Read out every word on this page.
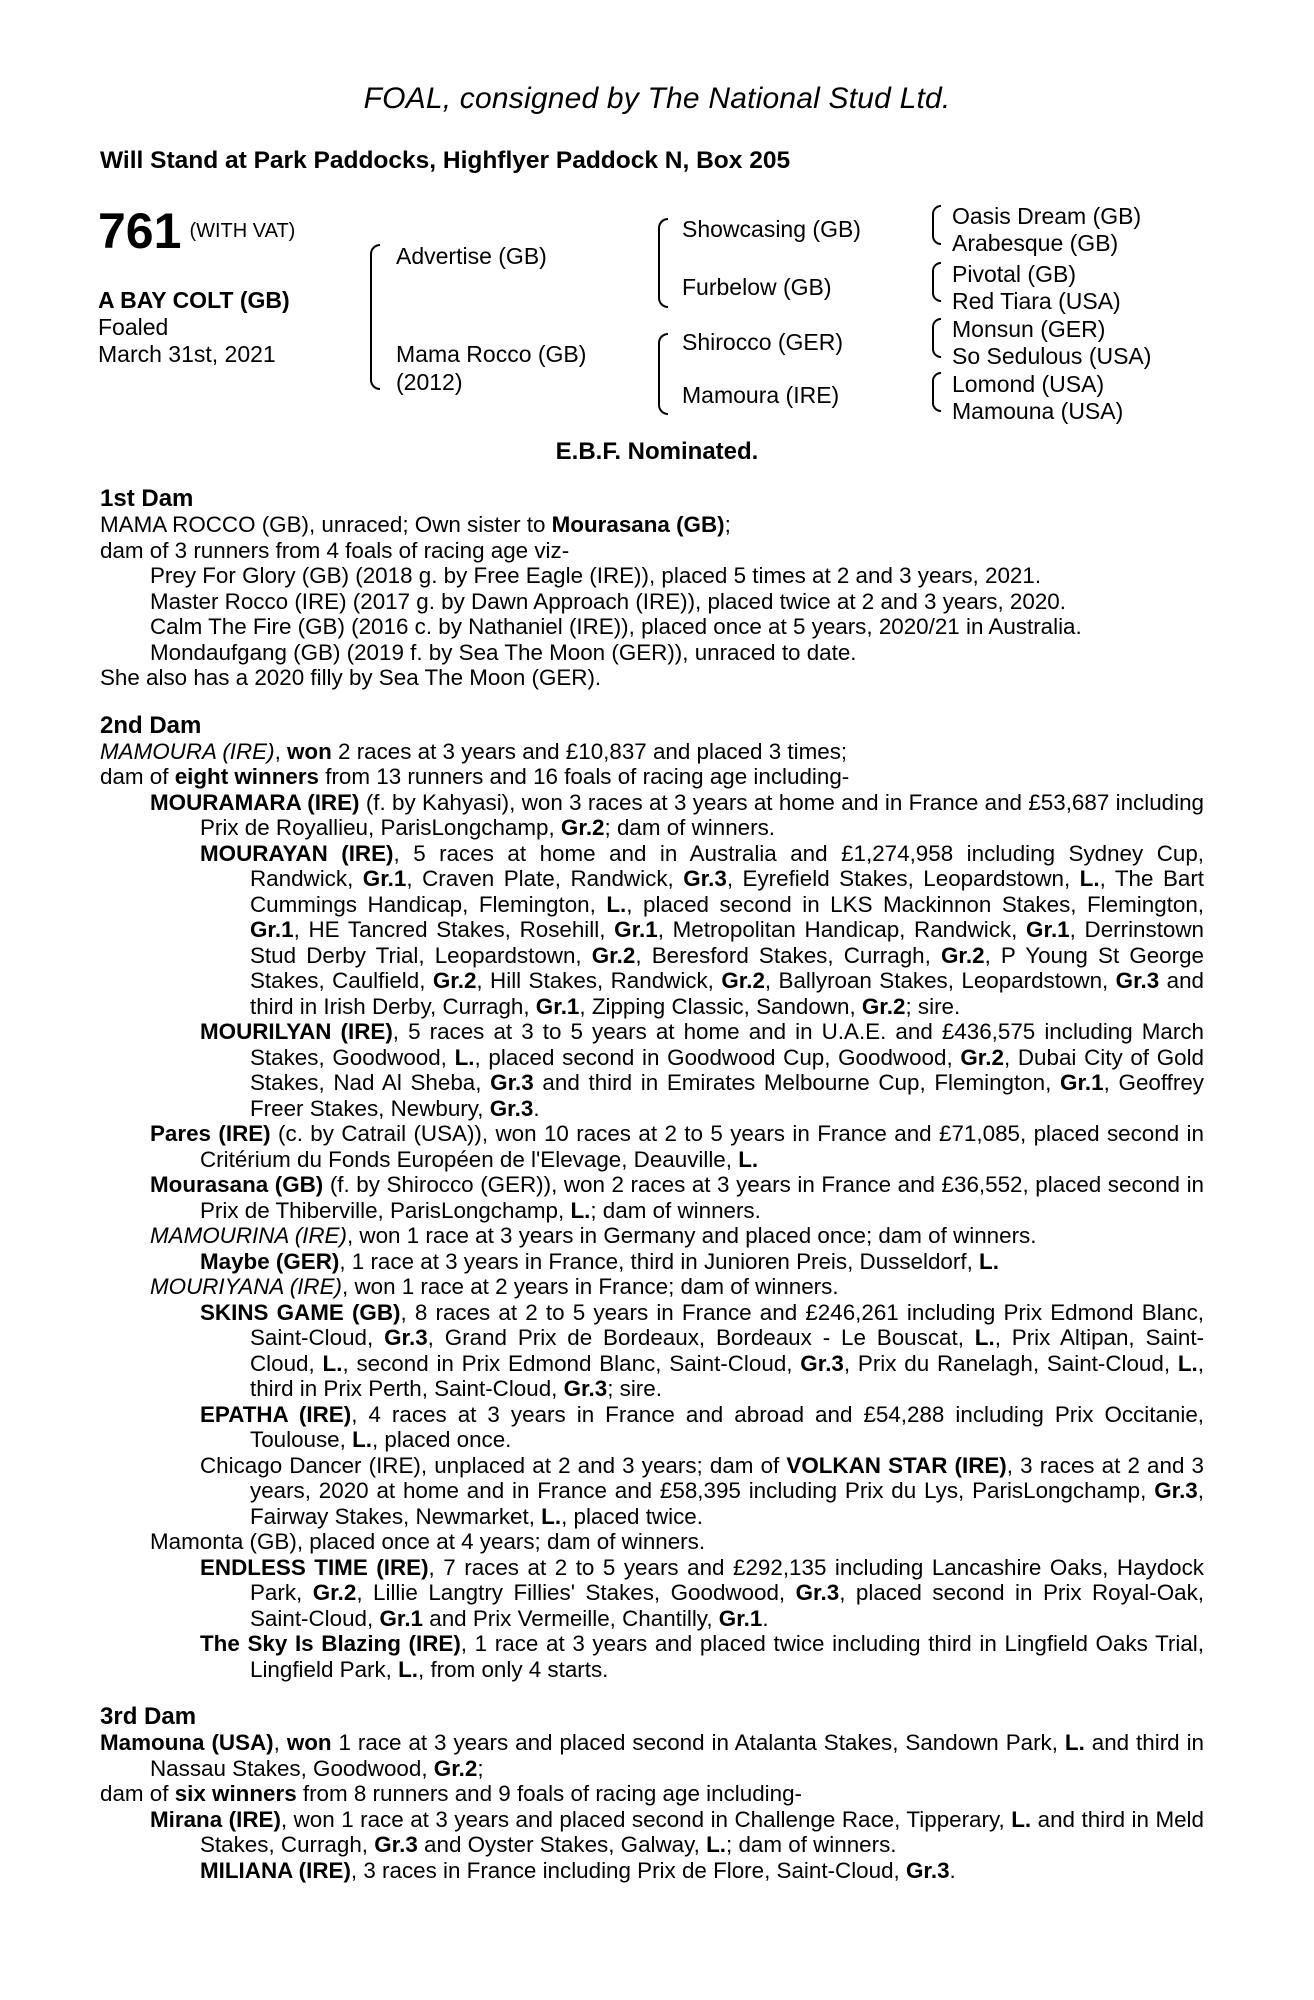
FOAL, consigned by The National Stud Ltd.
Will Stand at Park Paddocks, Highflyer Paddock N, Box 205
761 (WITH VAT)
A BAY COLT (GB)
Foaled
March 31st, 2021
Advertise (GB)
Mama Rocco (GB)
(2012)
Showcasing (GB)
Furbelow (GB)
Shirocco (GER)
Mamoura (IRE)
Oasis Dream (GB)
Arabesque (GB)
Pivotal (GB)
Red Tiara (USA)
Monsun (GER)
So Sedulous (USA)
Lomond (USA)
Mamouna (USA)
E.B.F. Nominated.
1st Dam
MAMA ROCCO (GB), unraced; Own sister to Mourasana (GB);
dam of 3 runners from 4 foals of racing age viz-
Prey For Glory (GB) (2018 g. by Free Eagle (IRE)), placed 5 times at 2 and 3 years, 2021.
Master Rocco (IRE) (2017 g. by Dawn Approach (IRE)), placed twice at 2 and 3 years, 2020.
Calm The Fire (GB) (2016 c. by Nathaniel (IRE)), placed once at 5 years, 2020/21 in Australia.
Mondaufgang (GB) (2019 f. by Sea The Moon (GER)), unraced to date.
She also has a 2020 filly by Sea The Moon (GER).
2nd Dam
MAMOURA (IRE), won 2 races at 3 years and £10,837 and placed 3 times;
dam of eight winners from 13 runners and 16 foals of racing age including-
MOURAMARA (IRE) (f. by Kahyasi), won 3 races at 3 years at home and in France and £53,687 including Prix de Royallieu, ParisLongchamp, Gr.2; dam of winners.
MOURAYAN (IRE), 5 races at home and in Australia and £1,274,958 including Sydney Cup, Randwick, Gr.1, Craven Plate, Randwick, Gr.3, Eyrefield Stakes, Leopardstown, L., The Bart Cummings Handicap, Flemington, L., placed second in LKS Mackinnon Stakes, Flemington, Gr.1, HE Tancred Stakes, Rosehill, Gr.1, Metropolitan Handicap, Randwick, Gr.1, Derrinstown Stud Derby Trial, Leopardstown, Gr.2, Beresford Stakes, Curragh, Gr.2, P Young St George Stakes, Caulfield, Gr.2, Hill Stakes, Randwick, Gr.2, Ballyroan Stakes, Leopardstown, Gr.3 and third in Irish Derby, Curragh, Gr.1, Zipping Classic, Sandown, Gr.2; sire.
MOURILYAN (IRE), 5 races at 3 to 5 years at home and in U.A.E. and £436,575 including March Stakes, Goodwood, L., placed second in Goodwood Cup, Goodwood, Gr.2, Dubai City of Gold Stakes, Nad Al Sheba, Gr.3 and third in Emirates Melbourne Cup, Flemington, Gr.1, Geoffrey Freer Stakes, Newbury, Gr.3.
Pares (IRE) (c. by Catrail (USA)), won 10 races at 2 to 5 years in France and £71,085, placed second in Critérium du Fonds Européen de l'Elevage, Deauville, L.
Mourasana (GB) (f. by Shirocco (GER)), won 2 races at 3 years in France and £36,552, placed second in Prix de Thiberville, ParisLongchamp, L.; dam of winners.
MAMOURINA (IRE), won 1 race at 3 years in Germany and placed once; dam of winners.
Maybe (GER), 1 race at 3 years in France, third in Junioren Preis, Dusseldorf, L.
MOURIYANA (IRE), won 1 race at 2 years in France; dam of winners.
SKINS GAME (GB), 8 races at 2 to 5 years in France and £246,261 including Prix Edmond Blanc, Saint-Cloud, Gr.3, Grand Prix de Bordeaux, Bordeaux - Le Bouscat, L., Prix Altipan, Saint-Cloud, L., second in Prix Edmond Blanc, Saint-Cloud, Gr.3, Prix du Ranelagh, Saint-Cloud, L., third in Prix Perth, Saint-Cloud, Gr.3; sire.
EPATHA (IRE), 4 races at 3 years in France and abroad and £54,288 including Prix Occitanie, Toulouse, L., placed once.
Chicago Dancer (IRE), unplaced at 2 and 3 years; dam of VOLKAN STAR (IRE), 3 races at 2 and 3 years, 2020 at home and in France and £58,395 including Prix du Lys, ParisLongchamp, Gr.3, Fairway Stakes, Newmarket, L., placed twice.
Mamonta (GB), placed once at 4 years; dam of winners.
ENDLESS TIME (IRE), 7 races at 2 to 5 years and £292,135 including Lancashire Oaks, Haydock Park, Gr.2, Lillie Langtry Fillies' Stakes, Goodwood, Gr.3, placed second in Prix Royal-Oak, Saint-Cloud, Gr.1 and Prix Vermeille, Chantilly, Gr.1.
The Sky Is Blazing (IRE), 1 race at 3 years and placed twice including third in Lingfield Oaks Trial, Lingfield Park, L., from only 4 starts.
3rd Dam
Mamouna (USA), won 1 race at 3 years and placed second in Atalanta Stakes, Sandown Park, L. and third in Nassau Stakes, Goodwood, Gr.2;
dam of six winners from 8 runners and 9 foals of racing age including-
Mirana (IRE), won 1 race at 3 years and placed second in Challenge Race, Tipperary, L. and third in Meld Stakes, Curragh, Gr.3 and Oyster Stakes, Galway, L.; dam of winners.
MILIANA (IRE), 3 races in France including Prix de Flore, Saint-Cloud, Gr.3.
